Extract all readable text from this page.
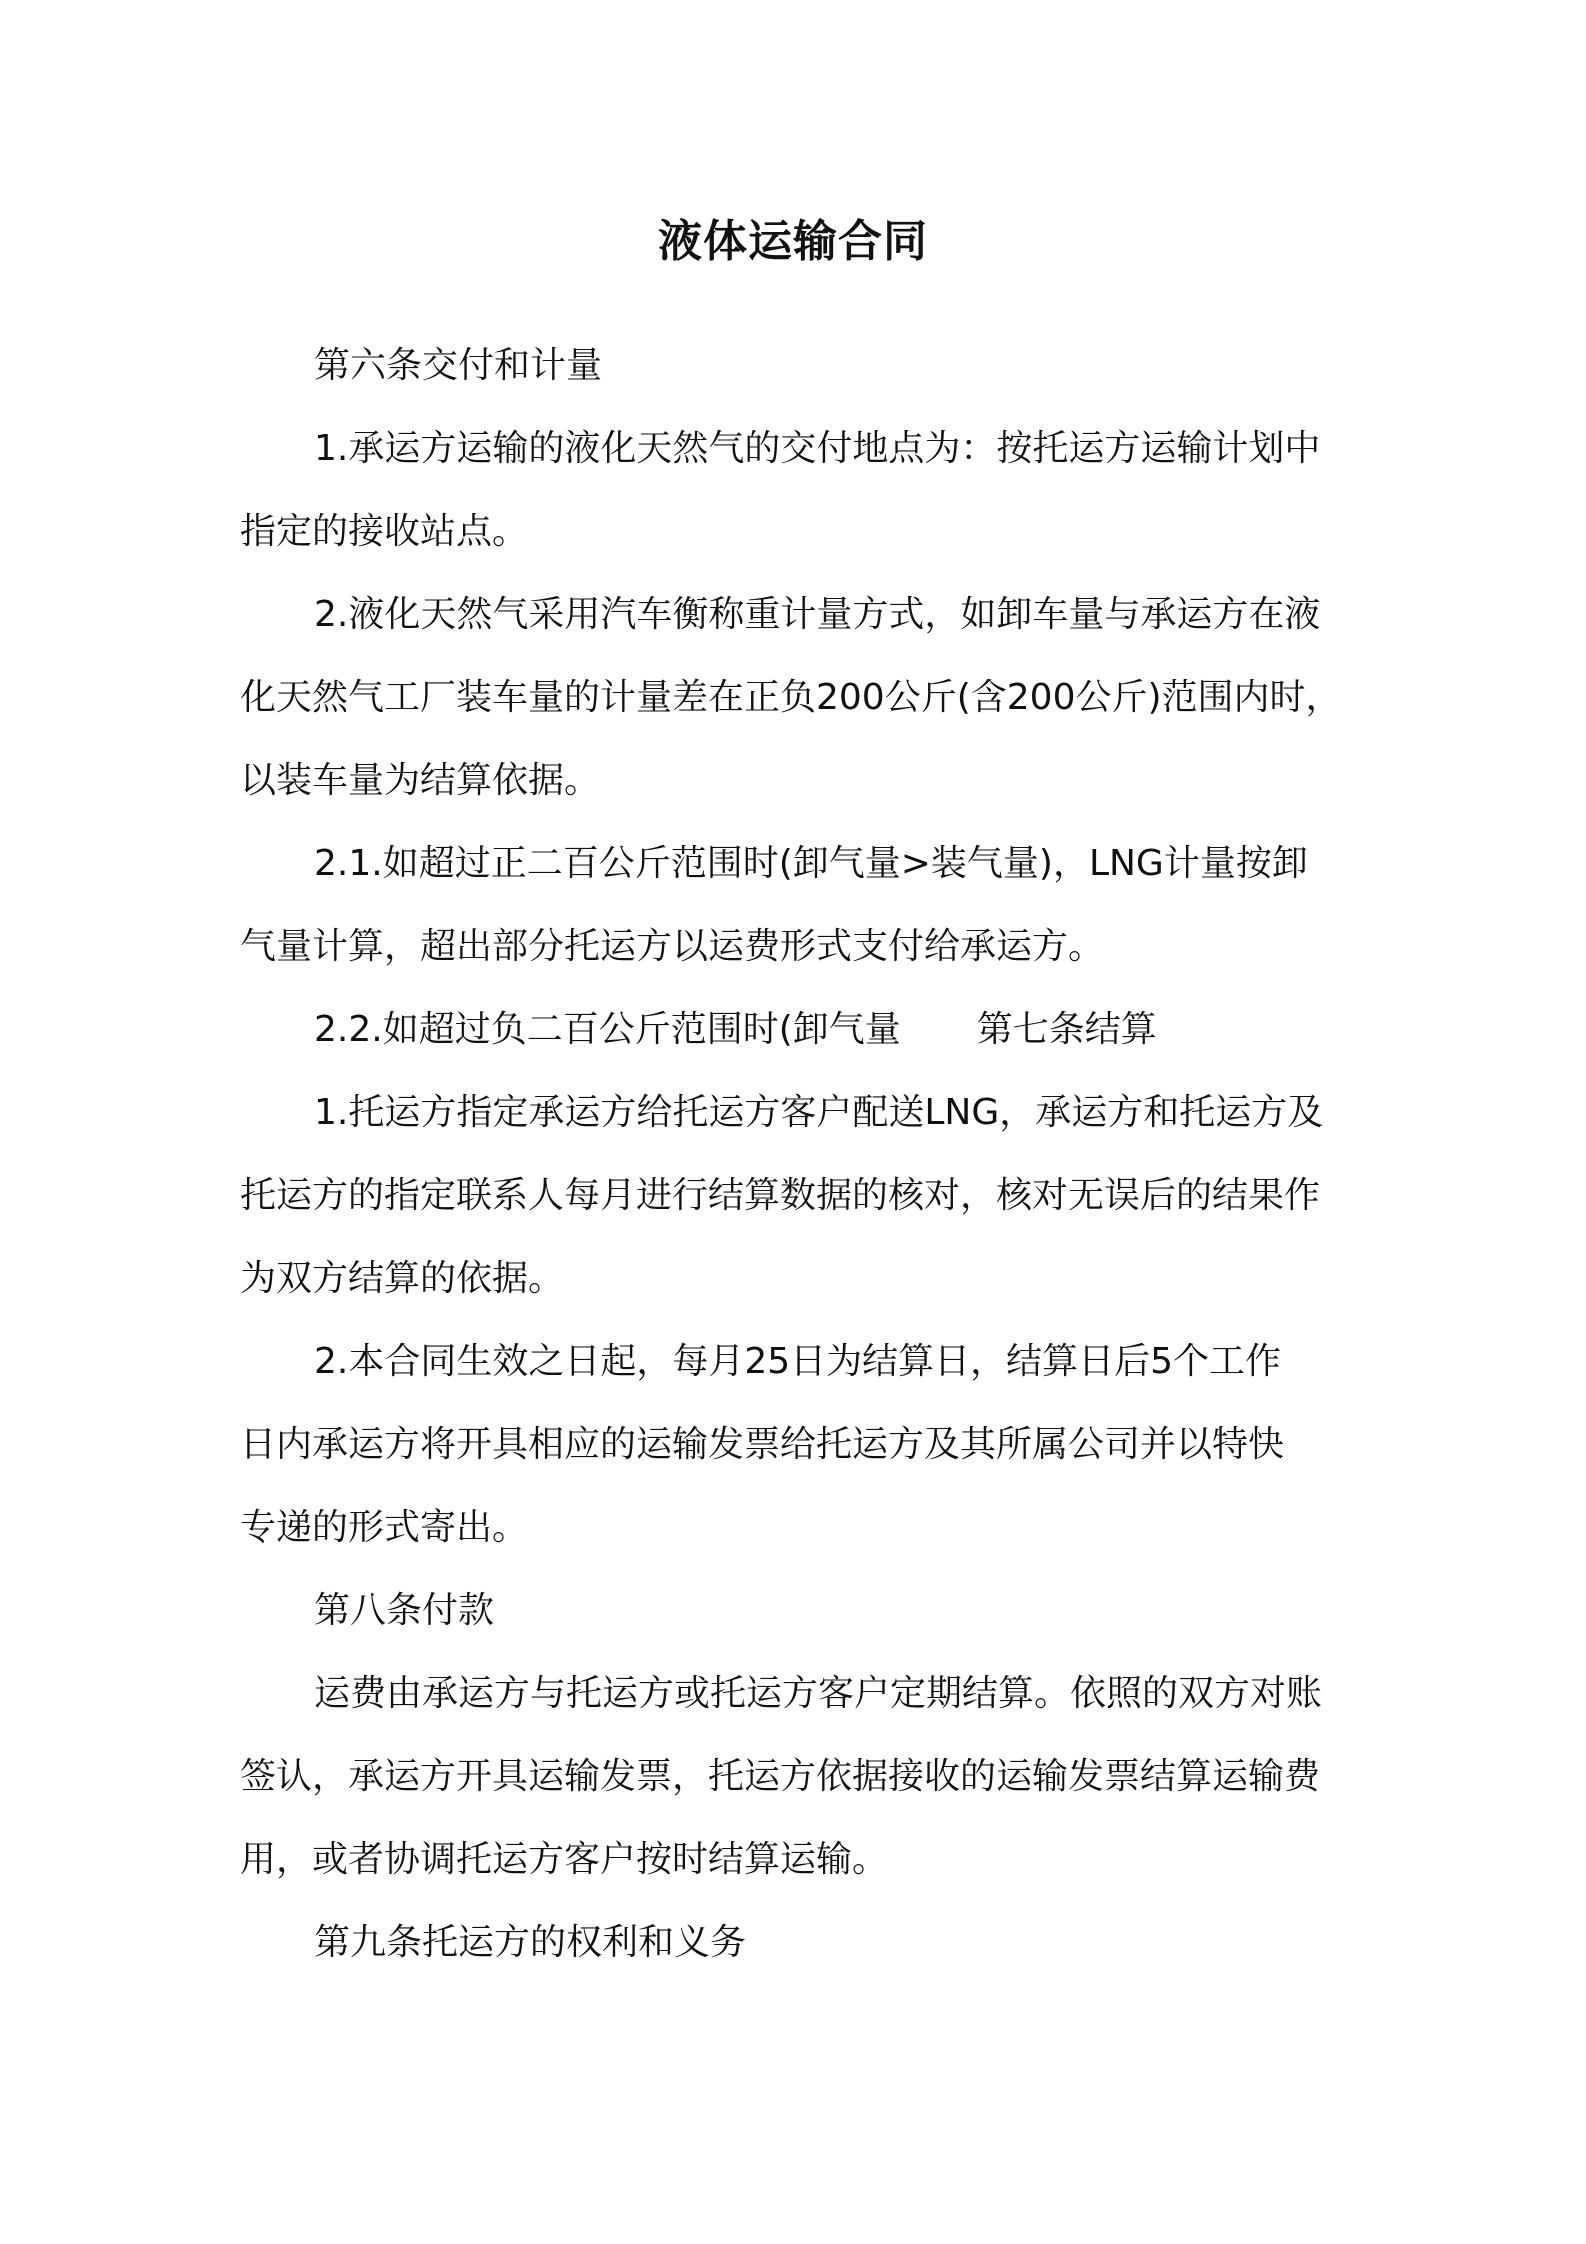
液体运输合同
第六条交付和计量
1.承运方运输的液化天然气的交付地点为：按托运方运输计划中
指定的接收站点。
2.液化天然气采用汽车衡称重计量方式，如卸车量与承运方在液
化天然气工厂装车量的计量差在正负200公斤(含200公斤)范围内时，
以装车量为结算依据。
2.1.如超过正二百公斤范围时(卸气量>装气量)，LNG计量按卸
气量计算，超出部分托运方以运费形式支付给承运方。
2.2.如超过负二百公斤范围时(卸气量 第七条结算
1.托运方指定承运方给托运方客户配送LNG，承运方和托运方及
托运方的指定联系人每月进行结算数据的核对，核对无误后的结果作
为双方结算的依据。
2.本合同生效之日起，每月25日为结算日，结算日后5个工作
日内承运方将开具相应的运输发票给托运方及其所属公司并以特快
专递的形式寄出。
第八条付款
运费由承运方与托运方或托运方客户定期结算。依照的双方对账
签认，承运方开具运输发票，托运方依据接收的运输发票结算运输费
用，或者协调托运方客户按时结算运输。
第九条托运方的权利和义务
